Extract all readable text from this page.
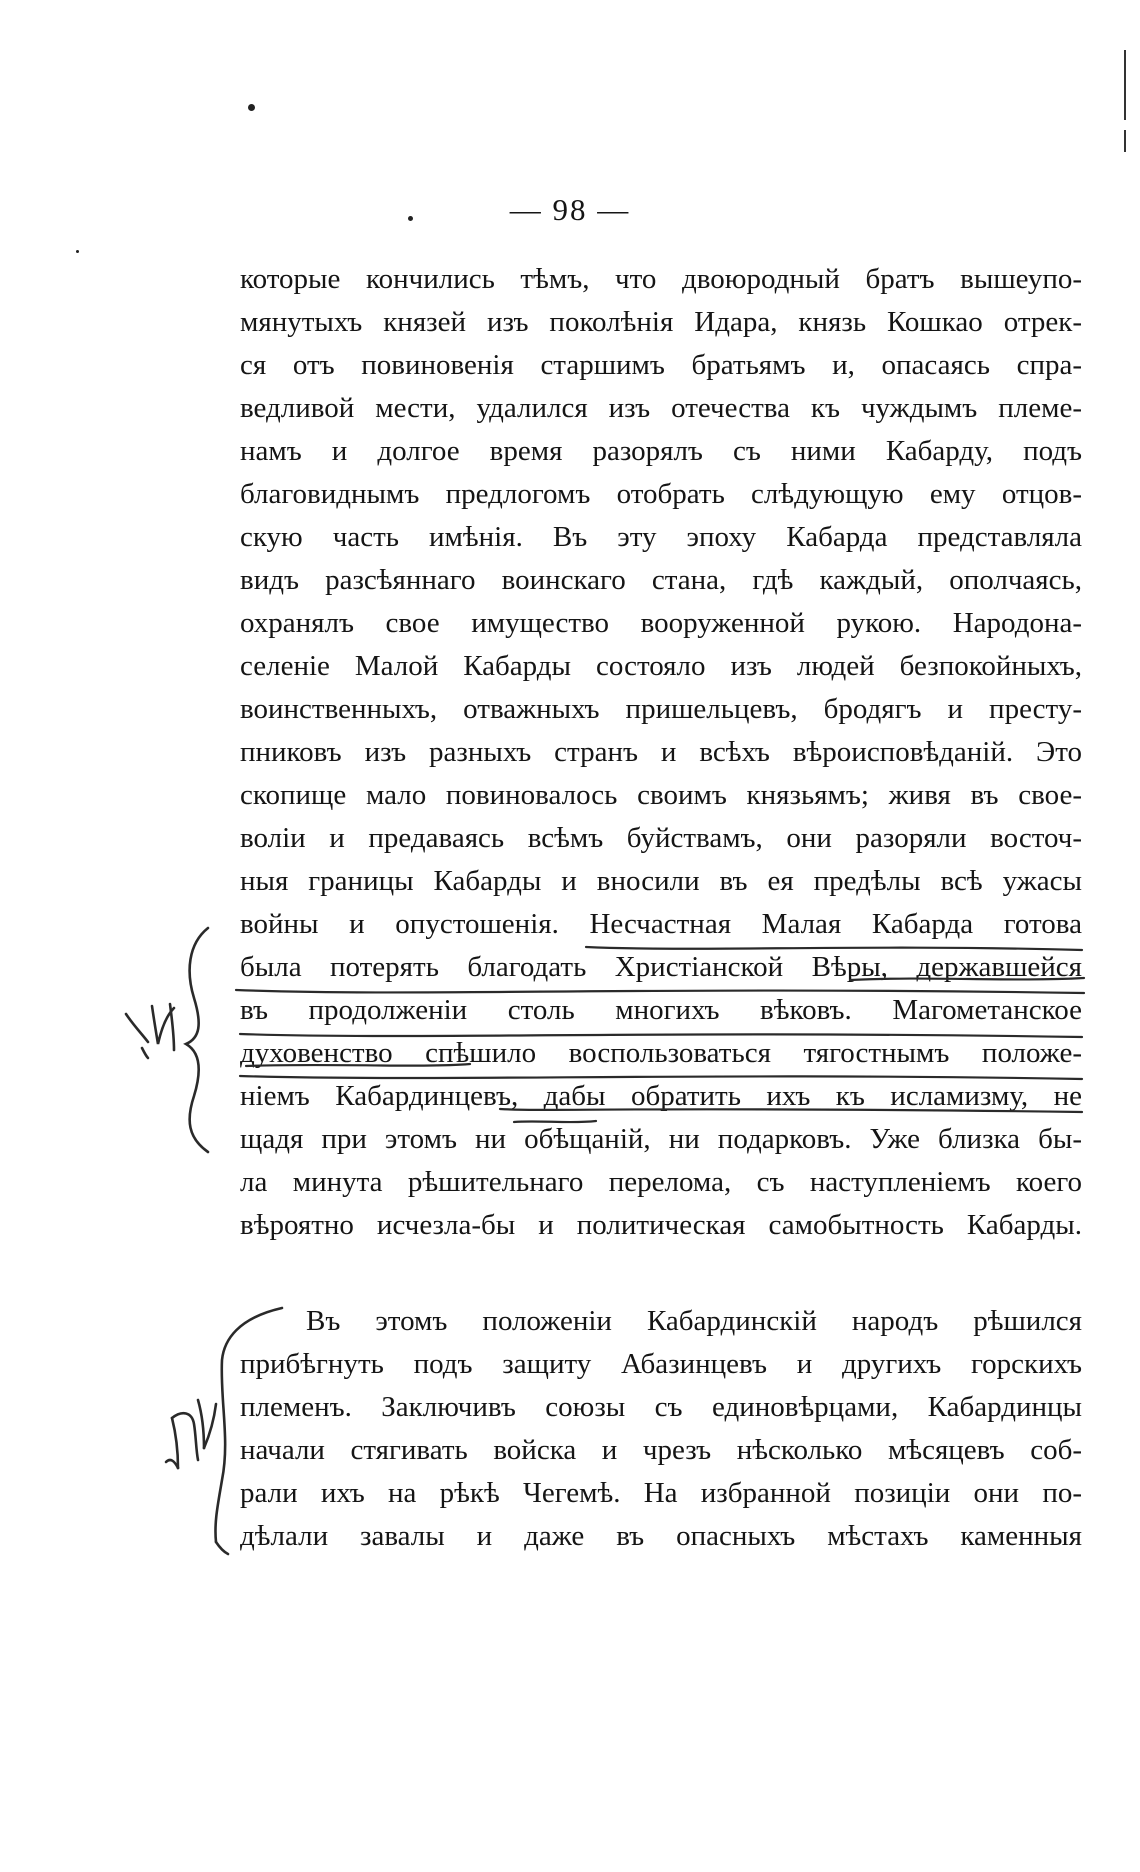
— 98 —
которые кончились тѣмъ, что двоюродный братъ вышеупо-
мянутыхъ князей изъ поколѣнія Идара, князь Кошкао отрек-
ся отъ повиновенія старшимъ братьямъ и, опасаясь спра-
ведливой мести, удалился изъ отечества къ чуждымъ племе-
намъ и долгое время разорялъ съ ними Кабарду, подъ
благовиднымъ предлогомъ отобрать слѣдующую ему отцов-
скую часть имѣнія. Въ эту эпоху Кабарда представляла
видъ разсѣяннаго воинскаго стана, гдѣ каждый, ополчаясь,
охранялъ свое имущество вооруженной рукою. Народона-
селеніе Малой Кабарды состояло изъ людей безпокойныхъ,
воинственныхъ, отважныхъ пришельцевъ, бродягъ и престу-
пниковъ изъ разныхъ странъ и всѣхъ вѣроисповѣданій. Это
скопище мало повиновалось своимъ князьямъ; живя въ свое-
воліи и предаваясь всѣмъ буйствамъ, они разоряли восточ-
ныя границы Кабарды и вносили въ ея предѣлы всѣ ужасы
войны и опустошенія. Несчастная Малая Кабарда готова
была потерять благодать Христіанской Вѣры, державшейся
въ продолженіи столь многихъ вѣковъ. Магометанское
духовенство спѣшило воспользоваться тягостнымъ положе-
ніемъ Кабардинцевъ, дабы обратить ихъ къ исламизму, не
щадя при этомъ ни обѣщаній, ни подарковъ. Уже близка бы-
ла минута рѣшительнаго перелома, съ наступленіемъ коего
вѣроятно исчезла-бы и политическая самобытность Кабарды.
Въ этомъ положеніи Кабардинскій народъ рѣшился
прибѣгнуть подъ защиту Абазинцевъ и другихъ горскихъ
племенъ. Заключивъ союзы съ единовѣрцами, Кабардинцы
начали стягивать войска и чрезъ нѣсколько мѣсяцевъ соб-
рали ихъ на рѣкѣ Чегемѣ. На избранной позиціи они по-
дѣлали завалы и даже въ опасныхъ мѣстахъ каменныя
